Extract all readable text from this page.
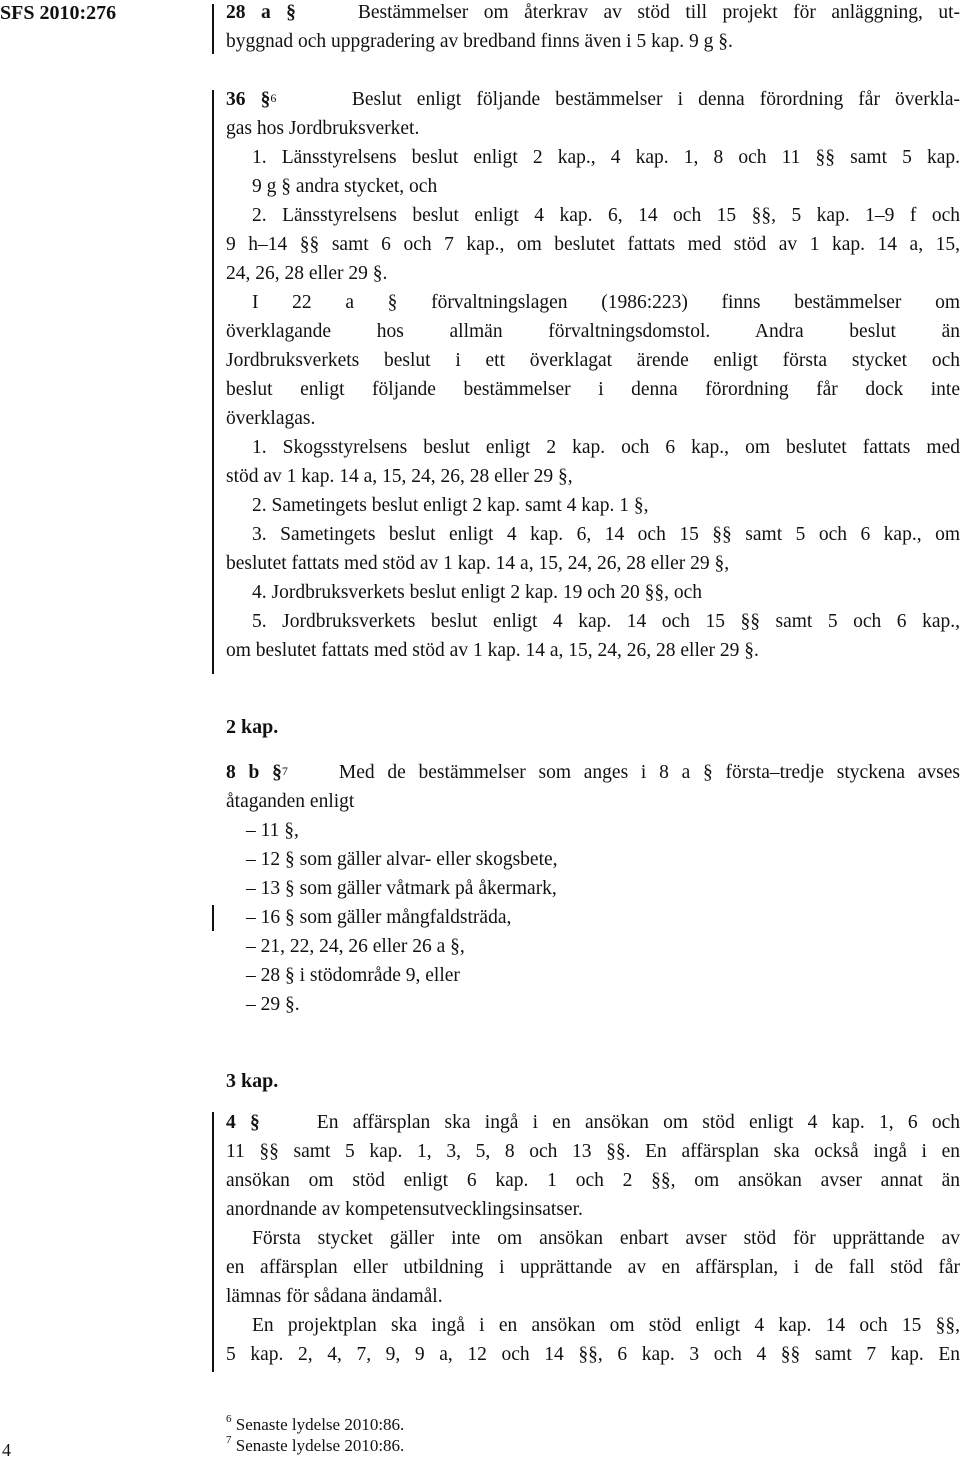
SFS 2010:276	28 a §	Bestämmelser om återkrav av stöd till projekt för anläggning, ut-
byggnad och uppgradering av bredband finns även i 5 kap. 9 g §.
36 §$^6$	Beslut enligt följande bestämmelser i denna förordning får överkla-
gas hos Jordbruksverket.
1. Länsstyrelsens beslut enligt 2 kap., 4 kap. 1, 8 och 11 §§ samt 5 kap.
9 g § andra stycket, och
2. Länsstyrelsens beslut enligt 4 kap. 6, 14 och 15 §§, 5 kap. 1–9 f och
9 h–14 §§ samt 6 och 7 kap., om beslutet fattats med stöd av 1 kap. 14 a, 15,
24, 26, 28 eller 29 §.
I 22 a § förvaltningslagen (1986:223) finns bestämmelser om
överklagande hos allmän förvaltningsdomstol. Andra beslut än
Jordbruksverkets beslut i ett överklagat ärende enligt första stycket och
beslut enligt följande bestämmelser i denna förordning får dock inte
överklagas.
1. Skogsstyrelsens beslut enligt 2 kap. och 6 kap., om beslutet fattats med
stöd av 1 kap. 14 a, 15, 24, 26, 28 eller 29 §,
2. Sametingets beslut enligt 2 kap. samt 4 kap. 1 §,
3. Sametingets beslut enligt 4 kap. 6, 14 och 15 §§ samt 5 och 6 kap., om
beslutet fattats med stöd av 1 kap. 14 a, 15, 24, 26, 28 eller 29 §,
4. Jordbruksverkets beslut enligt 2 kap. 19 och 20 §§, och
5. Jordbruksverkets beslut enligt 4 kap. 14 och 15 §§ samt 5 och 6 kap.,
om beslutet fattats med stöd av 1 kap. 14 a, 15, 24, 26, 28 eller 29 §.
2 kap.
8 b §$^7$	Med de bestämmelser som anges i 8 a § första–tredje styckena avses
åtaganden enligt
– 11 §,
– 12 § som gäller alvar- eller skogsbete,
– 13 § som gäller våtmark på åkermark,
– 16 § som gäller mångfaldsträda,
– 21, 22, 24, 26 eller 26 a §,
– 28 § i stödområde 9, eller
– 29 §.
3 kap.
4 §	En affärsplan ska ingå i en ansökan om stöd enligt 4 kap. 1, 6 och
11 §§ samt 5 kap. 1, 3, 5, 8 och 13 §§. En affärsplan ska också ingå i en
ansökan om stöd enligt 6 kap. 1 och 2 §§, om ansökan avser annat än
anordnande av kompetensutvecklingsinsatser.
Första stycket gäller inte om ansökan enbart avser stöd för upprättande av
en affärsplan eller utbildning i upprättande av en affärsplan, i de fall stöd får
lämnas för sådana ändamål.
En projektplan ska ingå i en ansökan om stöd enligt 4 kap. 14 och 15 §§,
5 kap. 2, 4, 7, 9, 9 a, 12 och 14 §§, 6 kap. 3 och 4 §§ samt 7 kap. En
$^6$ Senaste lydelse 2010:86.
$^7$ Senaste lydelse 2010:86.
4
